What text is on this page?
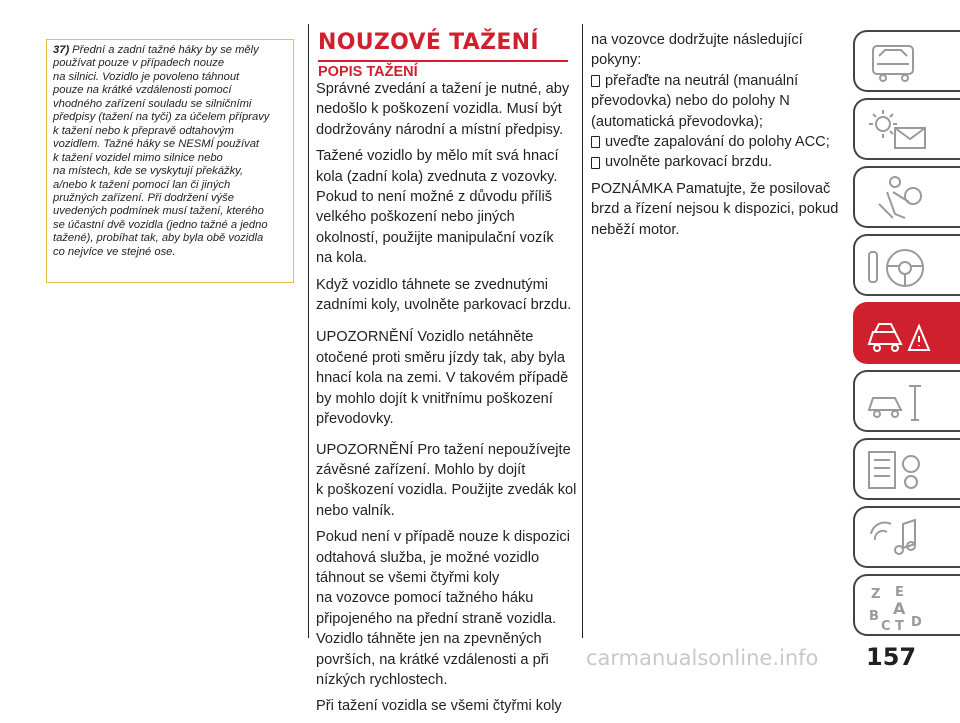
37) Přední a zadní tažné háky by se měly
používat pouze v případech nouze
na silnici. Vozidlo je povoleno táhnout
pouze na krátké vzdálenosti pomocí
vhodného zařízení souladu se silničními
předpisy (tažení na tyči) za účelem přípravy
k tažení nebo k přepravě odtahovým
vozidlem. Tažné háky se NESMÍ používat
k tažení vozidel mimo silnice nebo
na místech, kde se vyskytují překážky,
a/nebo k tažení pomocí lan či jiných
pružných zařízení. Při dodržení výše
uvedených podmínek musí tažení, kterého
se účastní dvě vozidla (jedno tažné a jedno
tažené), probíhat tak, aby byla obě vozidla
co nejvíce ve stejné ose.
NOUZOVÉ TAŽENÍ
POPIS TAŽENÍ
Správné zvedání a tažení je nutné, aby
nedošlo k poškození vozidla. Musí být
dodržovány národní a místní předpisy.
Tažené vozidlo by mělo mít svá hnací
kola (zadní kola) zvednuta z vozovky.
Pokud to není možné z důvodu příliš
velkého poškození nebo jiných
okolností, použijte manipulační vozík
na kola.
Když vozidlo táhnete se zvednutými
zadními koly, uvolněte parkovací brzdu.
UPOZORNĚNÍ Vozidlo netáhněte
otočené proti směru jízdy tak, aby byla
hnací kola na zemi. V takovém případě
by mohlo dojít k vnitřnímu poškození
převodovky.
UPOZORNĚNÍ Pro tažení nepoužívejte
závěsné zařízení. Mohlo by dojít
k poškození vozidla. Použijte zvedák kol
nebo valník.
Pokud není v případě nouze k dispozici
odtahová služba, je možné vozidlo
táhnout se všemi čtyřmi koly
na vozovce pomocí tažného háku
připojeného na přední straně vozidla.
Vozidlo táhněte jen na zpevněných
površích, na krátké vzdálenosti a při
nízkých rychlostech.
Při tažení vozidla se všemi čtyřmi koly
na vozovce dodržujte následující
pokyny:
přeřaďte na neutrál (manuální
převodovka) nebo do polohy N
(automatická převodovka);
uveďte zapalování do polohy ACC;
uvolněte parkovací brzdu.
POZNÁMKA Pamatujte, že posilovač
brzd a řízení nejsou k dispozici, pokud
neběží motor.
Z E
B A
C T D
carmanualsonline.info 157
